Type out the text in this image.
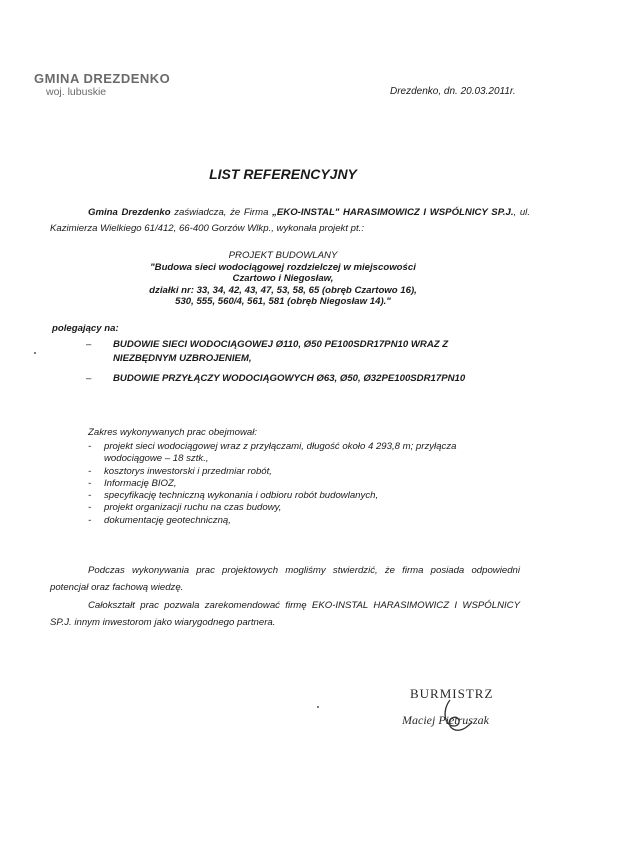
GMINA DREZDENKO
woj. lubuskie	Drezdenko, dn. 20.03.2011r.
LIST REFERENCYJNY
Gmina Drezdenko zaświadcza, że Firma „EKO-INSTAL" HARASIMOWICZ I WSPÓLNICY SP.J., ul. Kazimierza Wielkiego 61/412, 66-400 Gorzów Wlkp., wykonała projekt pt.:
PROJEKT BUDOWLANY
"Budowa sieci wodociągowej rozdzielczej w miejscowości
Czartowo i Niegosław,
działki nr: 33, 34, 42, 43, 47, 53, 58, 65 (obręb Czartowo 16),
530, 555, 560/4, 561, 581 (obręb Niegosław 14)."
polegający na:
– BUDOWIE SIECI WODOCIĄGOWEJ Ø110, Ø50 PE100SDR17PN10 WRAZ Z NIEZBĘDNYM UZBROJENIEM,
– BUDOWIE PRZYŁĄCZY WODOCIĄGOWYCH Ø63, Ø50, Ø32PE100SDR17PN10
Zakres wykonywanych prac obejmował:
- projekt sieci wodociągowej wraz z przyłączami, długość około 4 293,8 m; przyłącza wodociągowe – 18 sztk.,
- kosztorys inwestorski i przedmiar robót,
- Informację BIOZ,
- specyfikację techniczną wykonania i odbioru robót budowlanych,
- projekt organizacji ruchu na czas budowy,
- dokumentację geotechniczną,
Podczas wykonywania prac projektowych mogliśmy stwierdzić, że firma posiada odpowiedni potencjał oraz fachową wiedzę.
Całokształt prac pozwala zarekomendować firmę EKO-INSTAL HARASIMOWICZ I WSPÓLNICY SP.J. innym inwestorom jako wiarygodnego partnera.
BURMISTRZ
Maciej Pietruszak
